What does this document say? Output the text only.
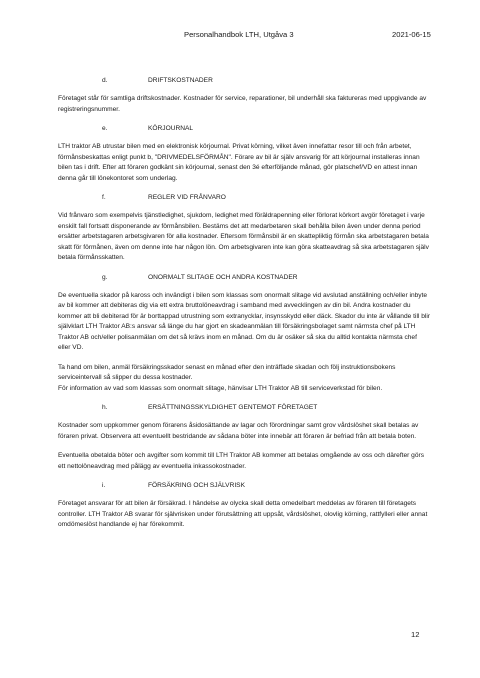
Personalhandbok LTH, Utgåva 3	2021-06-15
d.	DRIFTSKOSTNADER

Företaget står för samtliga driftskostnader. Kostnader för service, reparationer, bil underhåll ska faktureras med uppgivande av registreringsnummer.

e.	KÖRJOURNAL

LTH traktor AB utrustar bilen med en elektronisk körjournal. Privat körning, vilket även innefattar resor till och från arbetet, förmånsbeskattas enligt punkt b, "DRIVMEDELSFÖRMÅN". Förare av bil är själv ansvarig för att körjournal installeras innan bilen tas i drift. Efter att föraren godkänt sin körjournal, senast den 3é efterföljande månad, gör platschef/VD en attest innan denna går till lönekontoret som underlag.

f.	REGLER VID FRÅNVARO

Vid frånvaro som exempelvis tjänstledighet, sjukdom, ledighet med föräldrapenning eller förlorat körkort avgör företaget i varje enskilt fall fortsatt disponerande av förmånsbilen. Bestäms det att medarbetaren skall behålla bilen även under denna period ersätter arbetstagaren arbetsgivaren för alla kostnader. Eftersom förmånsbil är en skattepliktig förmån ska arbetstagaren betala skatt för förmånen, även om denne inte har någon lön. Om arbetsgivaren inte kan göra skatteavdrag så ska arbetstagaren själv betala förmånsskatten.

g.	ONORMALT SLITAGE OCH ANDRA KOSTNADER

De eventuella skador på kaross och invändigt i bilen som klassas som onormalt slitage vid avslutad anställning och/eller inbyte av bil kommer att debiteras dig via ett extra bruttolöneavdrag i samband med avvecklingen av din bil. Andra kostnader du kommer att bli debiterad för är borttappad utrustning som extranycklar, insynsskydd eller däck. Skador du inte är vållande till blir självklart LTH Traktor AB:s ansvar så länge du har gjort en skadeanmälan till försäkringsbolaget samt närmsta chef på LTH Traktor AB och/eller polisanmälan om det så krävs inom en månad. Om du är osäker så ska du alltid kontakta närmsta chef eller VD.

Ta hand om bilen, anmäl försäkringsskador senast en månad efter den inträffade skadan och följ instruktionsbokens serviceintervall så slipper du dessa kostnader.

För information av vad som klassas som onormalt slitage, hänvisar LTH Traktor AB till serviceverkstad för bilen.

h.	ERSÄTTNINGSSKYLDIGHET GENTEMOT FÖRETAGET

Kostnader som uppkommer genom förarens åsidosättande av lagar och förordningar samt grov vårdslöshet skall betalas av föraren privat. Observera att eventuellt bestridande av sådana böter inte innebär att föraren är befriad från att betala boten.

Eventuella obetalda böter och avgifter som kommit till LTH Traktor AB kommer att betalas omgående av oss och därefter görs ett nettolöneavdrag med pålägg av eventuella inkassokostnader.

i.	FÖRSÄKRING OCH SJÄLVRISK

Företaget ansvarar för att bilen är försäkrad. I händelse av olycka skall detta omedelbart meddelas av föraren till företagets controller. LTH Traktor AB svarar för självrisken under förutsättning att uppsåt, vårdslöshet, olovlig körning, rattfylleri eller annat omdömeslöst handlande ej har förekommit.

12
